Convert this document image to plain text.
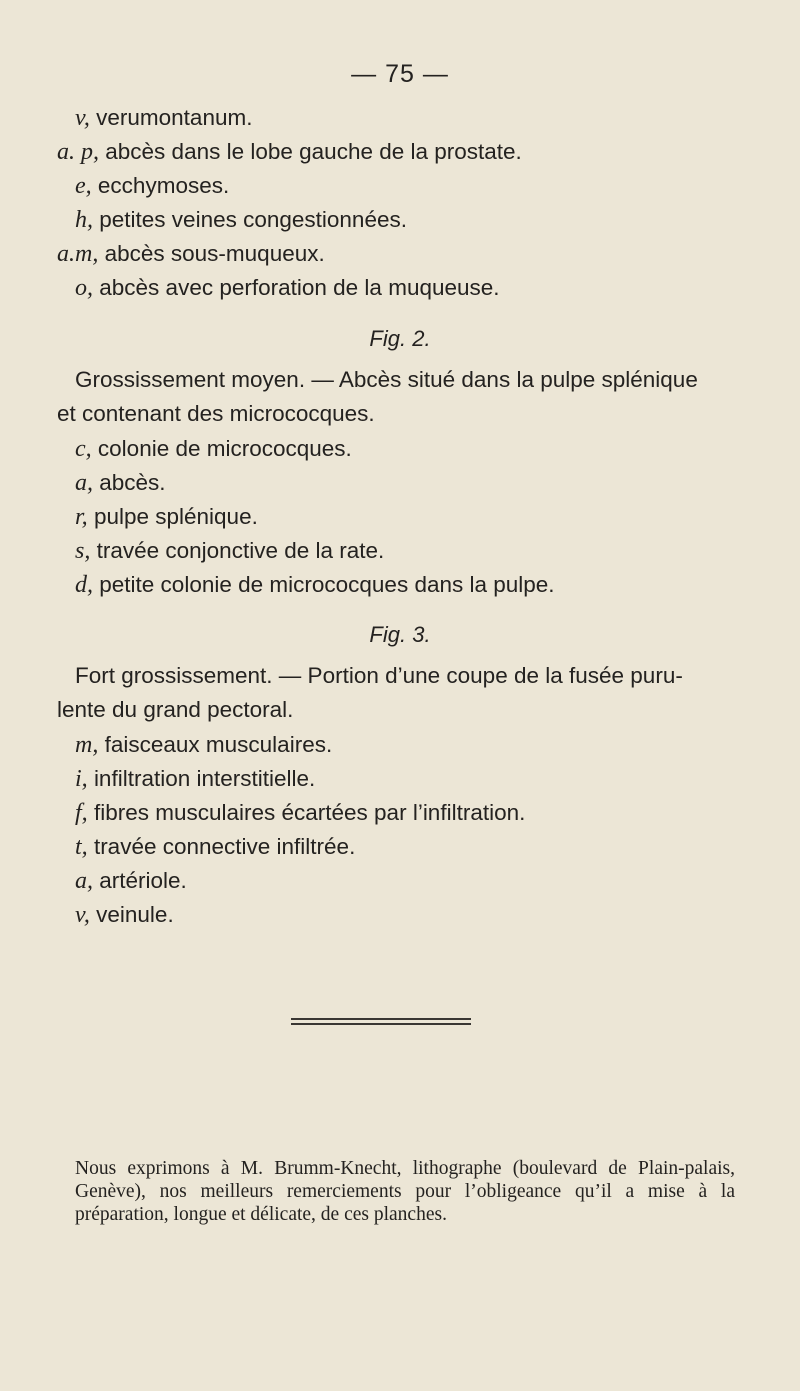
— 75 —
v, verumontanum.
a. p, abcès dans le lobe gauche de la prostate.
e, ecchymoses.
h, petites veines congestionnées.
a.m, abcès sous-muqueux.
o, abcès avec perforation de la muqueuse.
Fig. 2.
Grossissement moyen. — Abcès situé dans la pulpe splénique
et contenant des micrococques.
c, colonie de micrococques.
a, abcès.
r, pulpe splénique.
s, travée conjonctive de la rate.
d, petite colonie de micrococques dans la pulpe.
Fig. 3.
Fort grossissement. — Portion d’une coupe de la fusée puru-
lente du grand pectoral.
m, faisceaux musculaires.
i, infiltration interstitielle.
f, fibres musculaires écartées par l’infiltration.
t, travée connective infiltrée.
a, artériole.
v, veinule.
Nous exprimons à M. Brumm-Knecht, lithographe (boulevard de Plain-palais, Genève), nos meilleurs remerciements pour l’obligeance qu’il a mise à la préparation, longue et délicate, de ces planches.
